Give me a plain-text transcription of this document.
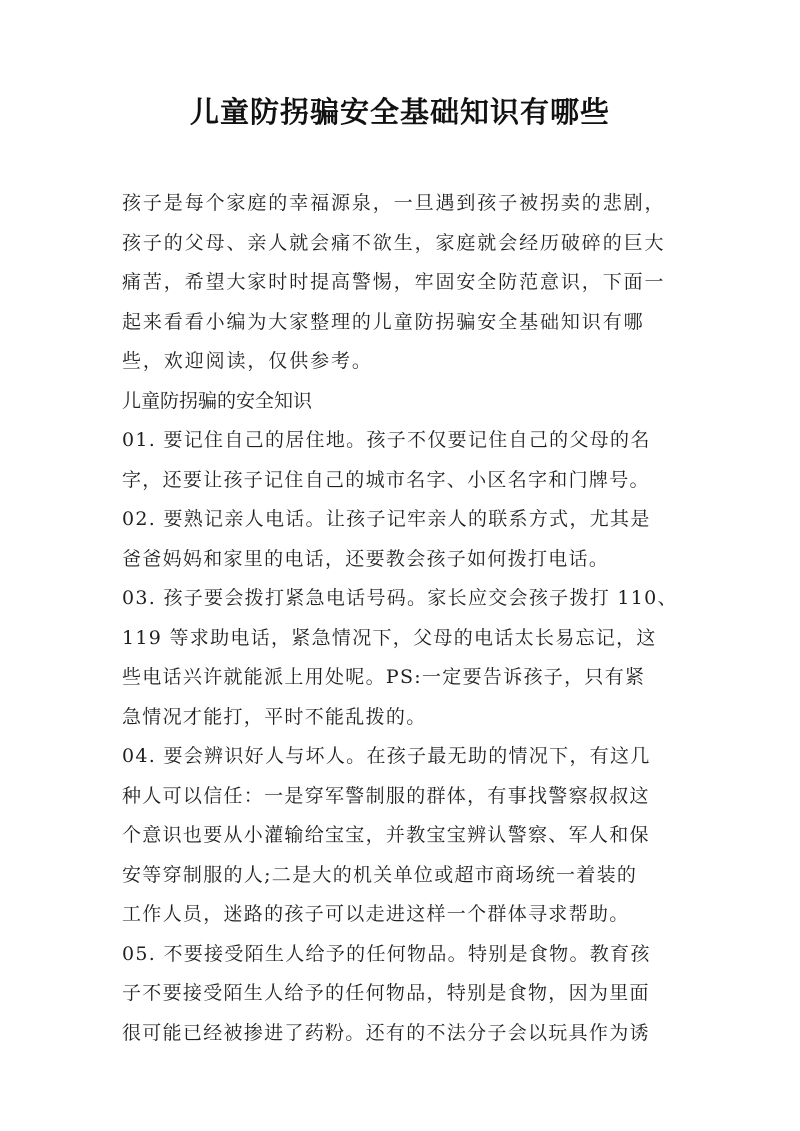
儿童防拐骗安全基础知识有哪些
孩子是每个家庭的幸福源泉，一旦遇到孩子被拐卖的悲剧，
孩子的父母、亲人就会痛不欲生，家庭就会经历破碎的巨大
痛苦，希望大家时时提高警惕，牢固安全防范意识，下面一
起来看看小编为大家整理的儿童防拐骗安全基础知识有哪
些，欢迎阅读，仅供参考。
儿童防拐骗的安全知识
01. 要记住自己的居住地。孩子不仅要记住自己的父母的名
字，还要让孩子记住自己的城市名字、小区名字和门牌号。
02. 要熟记亲人电话。让孩子记牢亲人的联系方式，尤其是
爸爸妈妈和家里的电话，还要教会孩子如何拨打电话。
03. 孩子要会拨打紧急电话号码。家长应交会孩子拨打 110、
119 等求助电话，紧急情况下，父母的电话太长易忘记，这
些电话兴许就能派上用处呢。PS:一定要告诉孩子，只有紧
急情况才能打，平时不能乱拨的。
04. 要会辨识好人与坏人。在孩子最无助的情况下，有这几
种人可以信任：一是穿军警制服的群体，有事找警察叔叔这
个意识也要从小灌输给宝宝，并教宝宝辨认警察、军人和保
安等穿制服的人;二是大的机关单位或超市商场统一着装的
工作人员，迷路的孩子可以走进这样一个群体寻求帮助。
05. 不要接受陌生人给予的任何物品。特别是食物。教育孩
子不要接受陌生人给予的任何物品，特别是食物，因为里面
很可能已经被掺进了药粉。还有的不法分子会以玩具作为诱
